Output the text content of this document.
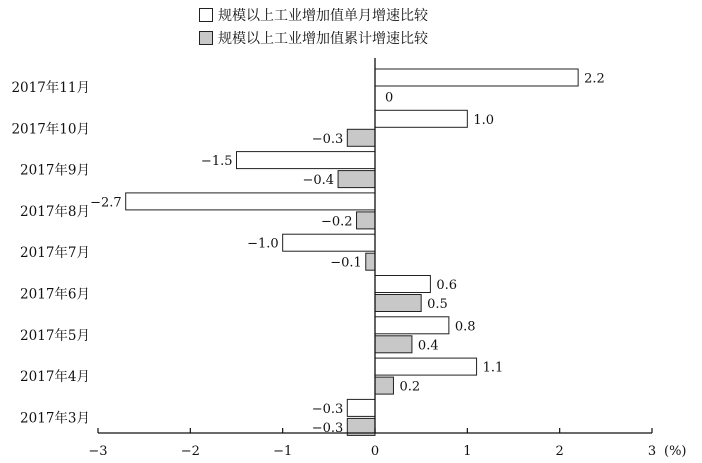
规模以上工业增加值单月增速比较
规模以上工业增加值累计增速比较
2.2
0
1.0
−0.3
−1.5
−0.4
−2.7
−0.2
−1.0
−0.1
0.6
0.5
0.8
0.4
1.1
0.2
−0.3
−0.3
−3	−2	−1	0	1	2	3 (%)
2017年11月
2017年10月
2017年9月
2017年8月
2017年7月
2017年6月
2017年5月
2017年4月
2017年3月
